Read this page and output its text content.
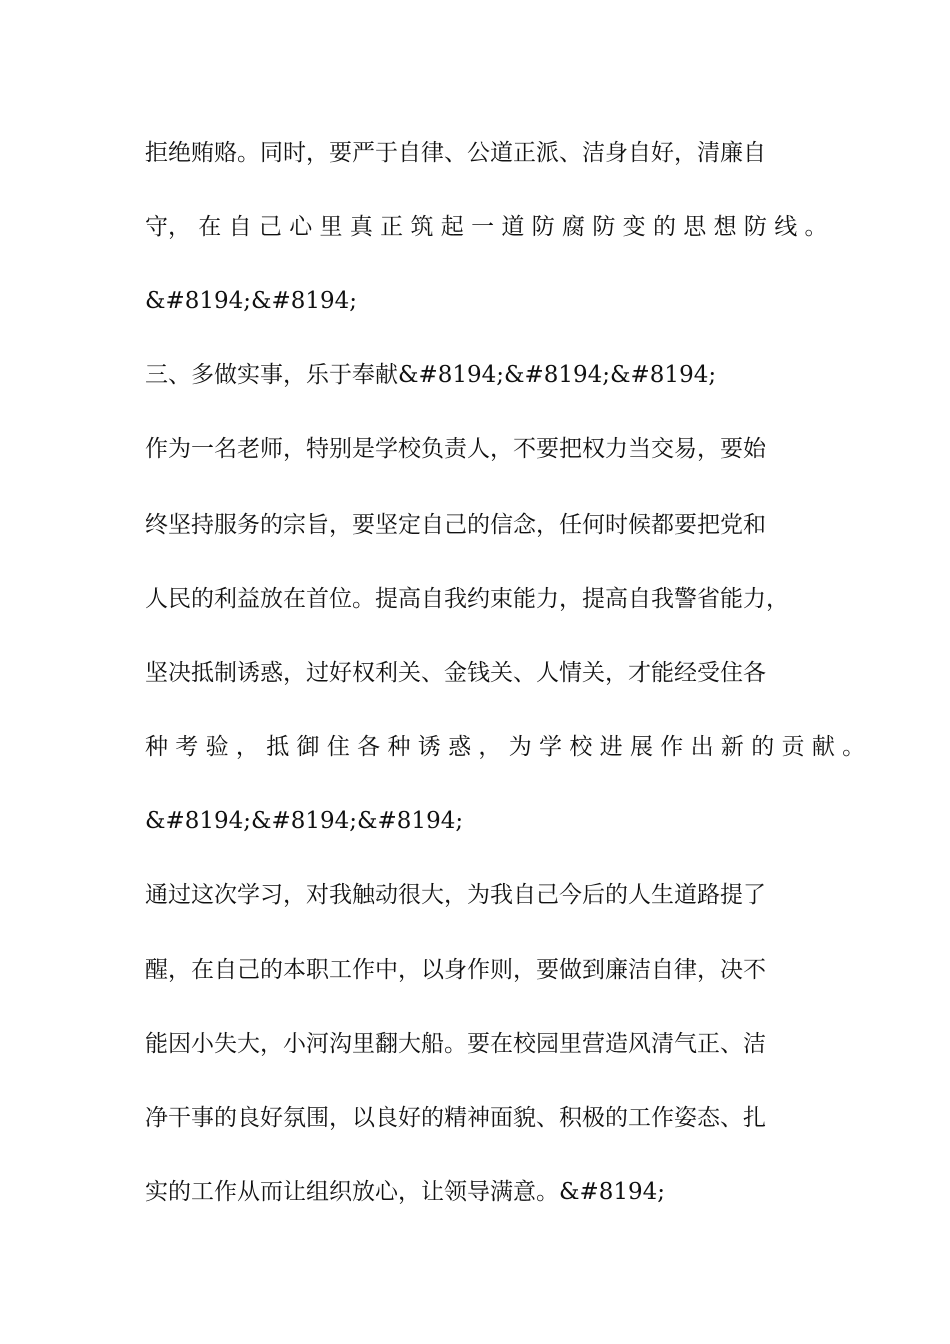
拒绝贿赂。同时，要严于自律、公道正派、洁身自好，清廉自
守， 在 自 己 心 里 真 正 筑 起 一 道 防 腐 防 变 的 思 想 防 线 。
&#8194;&#8194;
三、多做实事，乐于奉献&#8194;&#8194;&#8194;
作为一名老师，特别是学校负责人，不要把权力当交易，要始
终坚持服务的宗旨，要坚定自己的信念，任何时候都要把党和
人民的利益放在首位。提高自我约束能力，提高自我警省能力，
坚决抵制诱惑，过好权利关、金钱关、人情关，才能经受住各
种 考 验 ， 抵 御 住 各 种 诱 惑 ， 为 学 校 进 展 作 出 新 的 贡 献 。
&#8194;&#8194;&#8194;
通过这次学习，对我触动很大，为我自己今后的人生道路提了
醒，在自己的本职工作中，以身作则，要做到廉洁自律，决不
能因小失大，小河沟里翻大船。要在校园里营造风清气正、洁
净干事的良好氛围，以良好的精神面貌、积极的工作姿态、扎
实的工作从而让组织放心，让领导满意。&#8194;
